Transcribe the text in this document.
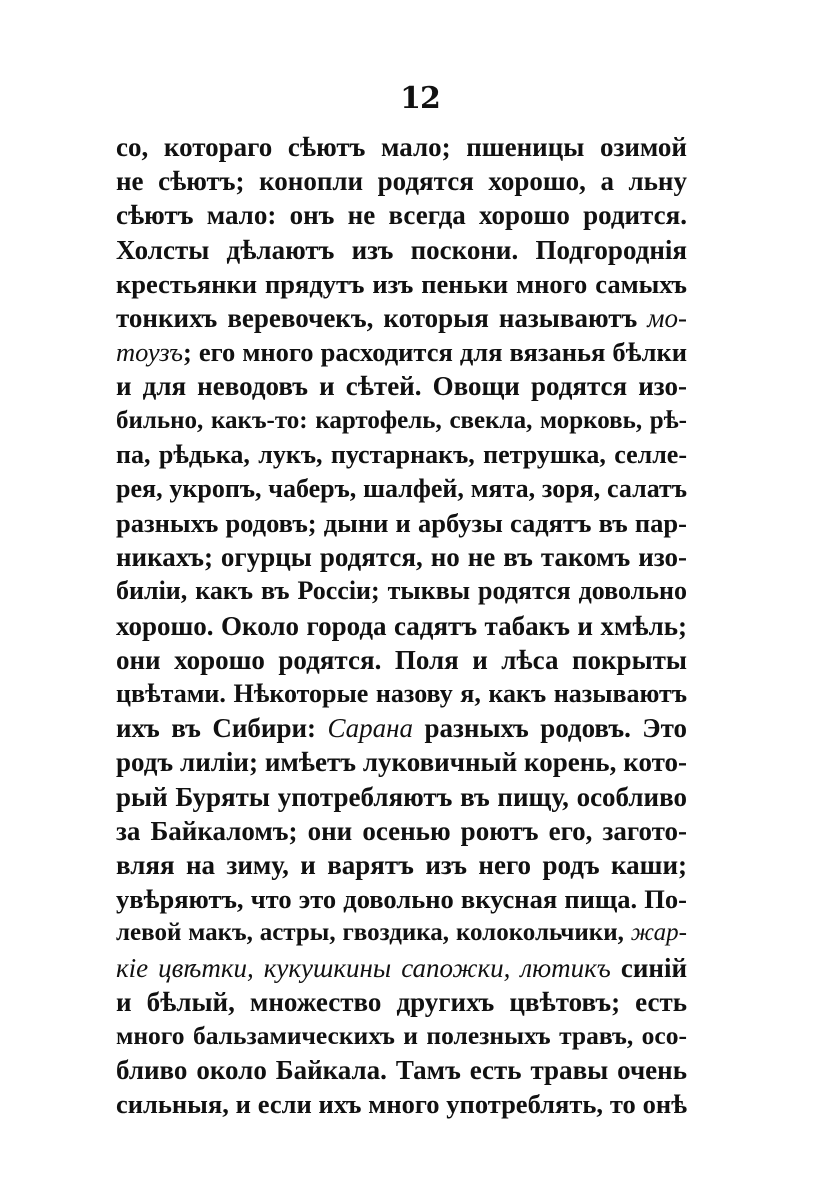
12
со, котораго сѣютъ мало; пшеницы озимой
не сѣютъ; конопли родятся хорошо, а льну
сѣютъ мало: онъ не всегда хорошо родится.
Холсты дѣлаютъ изъ поскони. Подгороднія
крестьянки прядутъ изъ пеньки много самыхъ
тонкихъ веревочекъ, которыя называютъ мо-
тоузъ; его много расходится для вязанья бѣлки
и для неводовъ и сѣтей. Овощи родятся изо-
бильно, какъ-то: картофель, свекла, морковь, рѣ-
па, рѣдька, лукъ, пустарнакъ, петрушка, селле-
рея, укропъ, чаберъ, шалфей, мята, зоря, салатъ
разныхъ родовъ; дыни и арбузы садятъ въ пар-
никахъ; огурцы родятся, но не въ такомъ изо-
биліи, какъ въ Россіи; тыквы родятся довольно
хорошо. Около города садятъ табакъ и хмѣль;
они хорошо родятся. Поля и лѣса покрыты
цвѣтами. Нѣкоторые назову я, какъ называютъ
ихъ въ Сибири: Сарана разныхъ родовъ. Это
родъ лиліи; имѣетъ луковичный корень, кото-
рый Буряты употребляютъ въ пищу, особливо
за Байкаломъ; они осенью роютъ его, загото-
вляя на зиму, и варятъ изъ него родъ каши;
увѣряютъ, что это довольно вкусная пища. По-
левой макъ, астры, гвоздика, колокольчики, жар-
кіе цвѣтки, кукушкины сапожки, лютикъ синій
и бѣлый, множество другихъ цвѣтовъ; есть
много бальзамическихъ и полезныхъ травъ, осо-
бливо около Байкала. Тамъ есть травы очень
сильныя, и если ихъ много употреблять, то онѣ
